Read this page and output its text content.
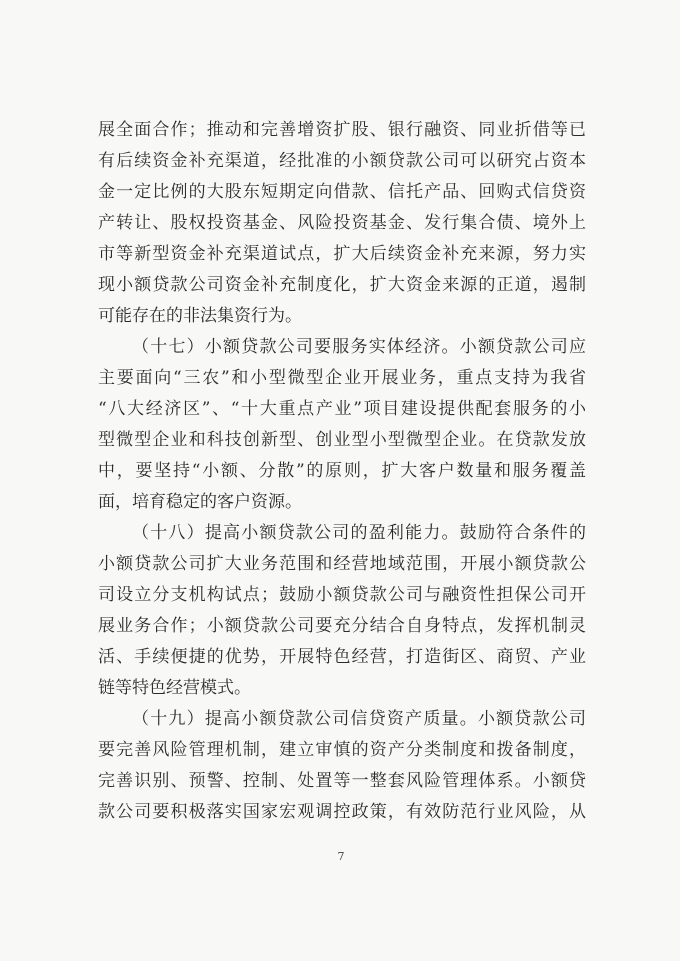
展全面合作；推动和完善增资扩股、银行融资、同业折借等已
有后续资金补充渠道，经批准的小额贷款公司可以研究占资本
金一定比例的大股东短期定向借款、信托产品、回购式信贷资
产转让、股权投资基金、风险投资基金、发行集合债、境外上
市等新型资金补充渠道试点，扩大后续资金补充来源，努力实
现小额贷款公司资金补充制度化，扩大资金来源的正道，遏制
可能存在的非法集资行为。
（十七）小额贷款公司要服务实体经济。小额贷款公司应
主要面向“三农”和小型微型企业开展业务，重点支持为我省
“八大经济区”、“十大重点产业”项目建设提供配套服务的小
型微型企业和科技创新型、创业型小型微型企业。在贷款发放
中，要坚持“小额、分散”的原则，扩大客户数量和服务覆盖
面，培育稳定的客户资源。
（十八）提高小额贷款公司的盈利能力。鼓励符合条件的
小额贷款公司扩大业务范围和经营地域范围，开展小额贷款公
司设立分支机构试点；鼓励小额贷款公司与融资性担保公司开
展业务合作；小额贷款公司要充分结合自身特点，发挥机制灵
活、手续便捷的优势，开展特色经营，打造街区、商贸、产业
链等特色经营模式。
（十九）提高小额贷款公司信贷资产质量。小额贷款公司
要完善风险管理机制，建立审慎的资产分类制度和拨备制度，
完善识别、预警、控制、处置等一整套风险管理体系。小额贷
款公司要积极落实国家宏观调控政策，有效防范行业风险，从
7
